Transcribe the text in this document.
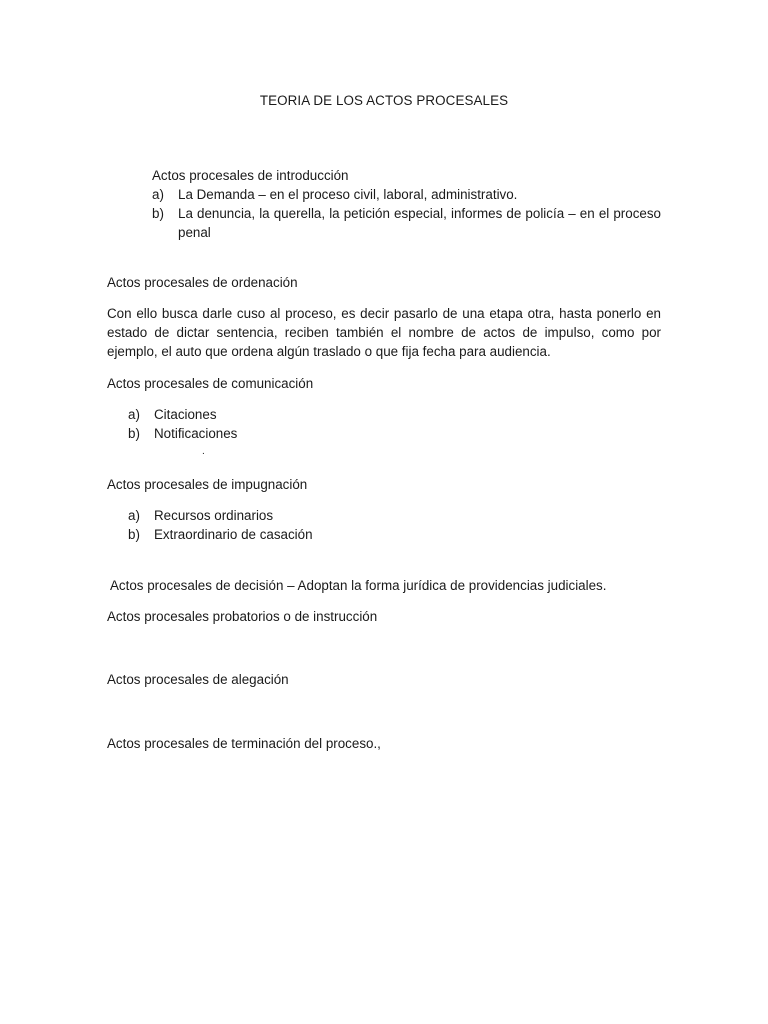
TEORIA DE LOS ACTOS PROCESALES
Actos procesales de introducción
a) La Demanda – en el proceso civil, laboral, administrativo.
b) La denuncia, la querella, la petición especial, informes de policía – en el proceso penal
Actos procesales de ordenación
Con ello busca darle cuso al proceso, es decir pasarlo de una etapa otra, hasta ponerlo en estado de dictar sentencia, reciben también el nombre de actos de impulso, como por ejemplo, el auto que ordena algún traslado o que fija fecha para audiencia.
Actos procesales de comunicación
a) Citaciones
b) Notificaciones
.
Actos procesales de impugnación
a) Recursos ordinarios
b) Extraordinario de casación
Actos procesales de decisión – Adoptan la forma jurídica de providencias judiciales.
Actos procesales probatorios o de instrucción
Actos procesales de alegación
Actos procesales de terminación del proceso.,
